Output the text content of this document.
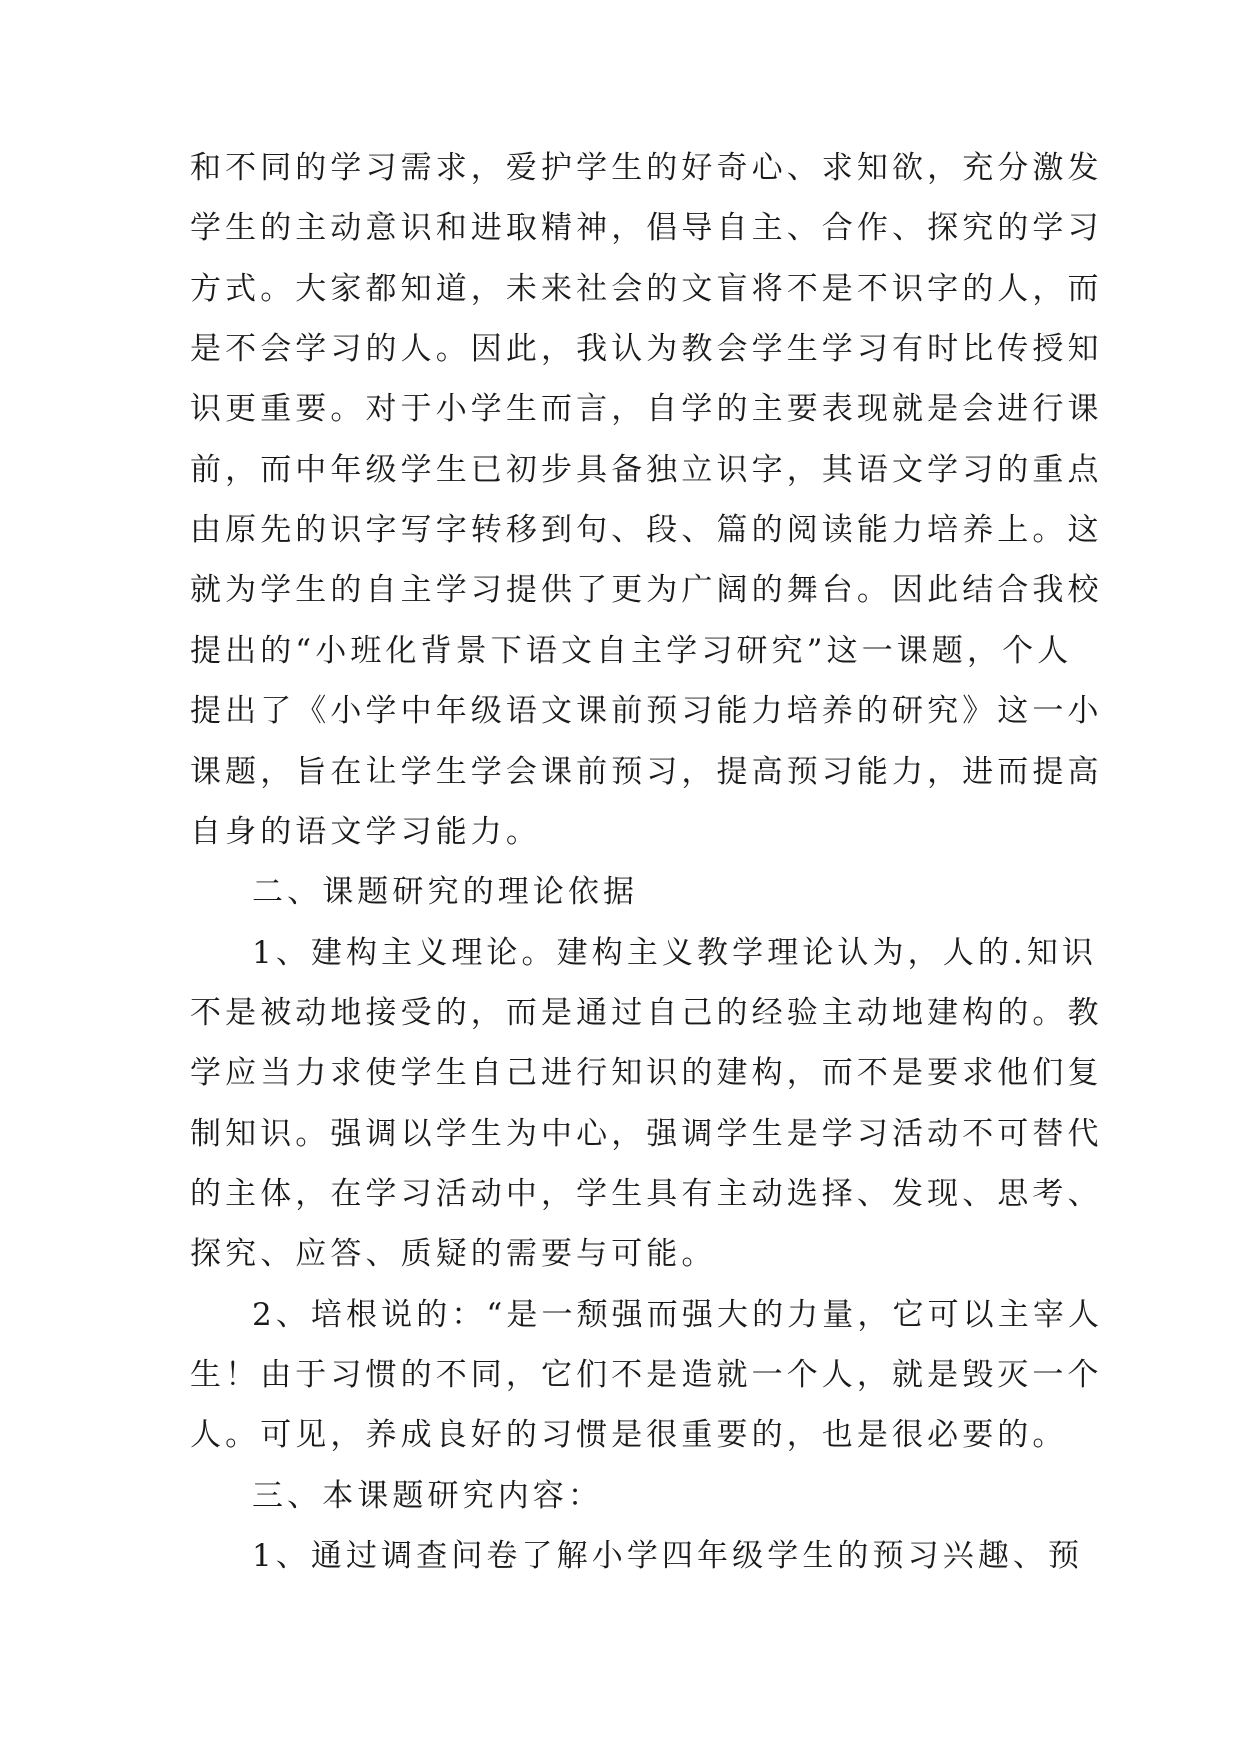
和不同的学习需求，爱护学生的好奇心、求知欲，充分激发
学生的主动意识和进取精神，倡导自主、合作、探究的学习
方式。大家都知道，未来社会的文盲将不是不识字的人，而
是不会学习的人。因此，我认为教会学生学习有时比传授知
识更重要。对于小学生而言，自学的主要表现就是会进行课
前，而中年级学生已初步具备独立识字，其语文学习的重点
由原先的识字写字转移到句、段、篇的阅读能力培养上。这
就为学生的自主学习提供了更为广阔的舞台。因此结合我校
提出的“小班化背景下语文自主学习研究”这一课题，个人
提出了《小学中年级语文课前预习能力培养的研究》这一小
课题，旨在让学生学会课前预习，提高预习能力，进而提高
自身的语文学习能力。
二、课题研究的理论依据
1、建构主义理论。建构主义教学理论认为，人的.知识
不是被动地接受的，而是通过自己的经验主动地建构的。教
学应当力求使学生自己进行知识的建构，而不是要求他们复
制知识。强调以学生为中心，强调学生是学习活动不可替代
的主体，在学习活动中，学生具有主动选择、发现、思考、
探究、应答、质疑的需要与可能。
2、培根说的：“是一颓强而强大的力量，它可以主宰人
生！由于习惯的不同，它们不是造就一个人，就是毁灭一个
人。可见，养成良好的习惯是很重要的，也是很必要的。
三、本课题研究内容：
1、通过调查问卷了解小学四年级学生的预习兴趣、预
